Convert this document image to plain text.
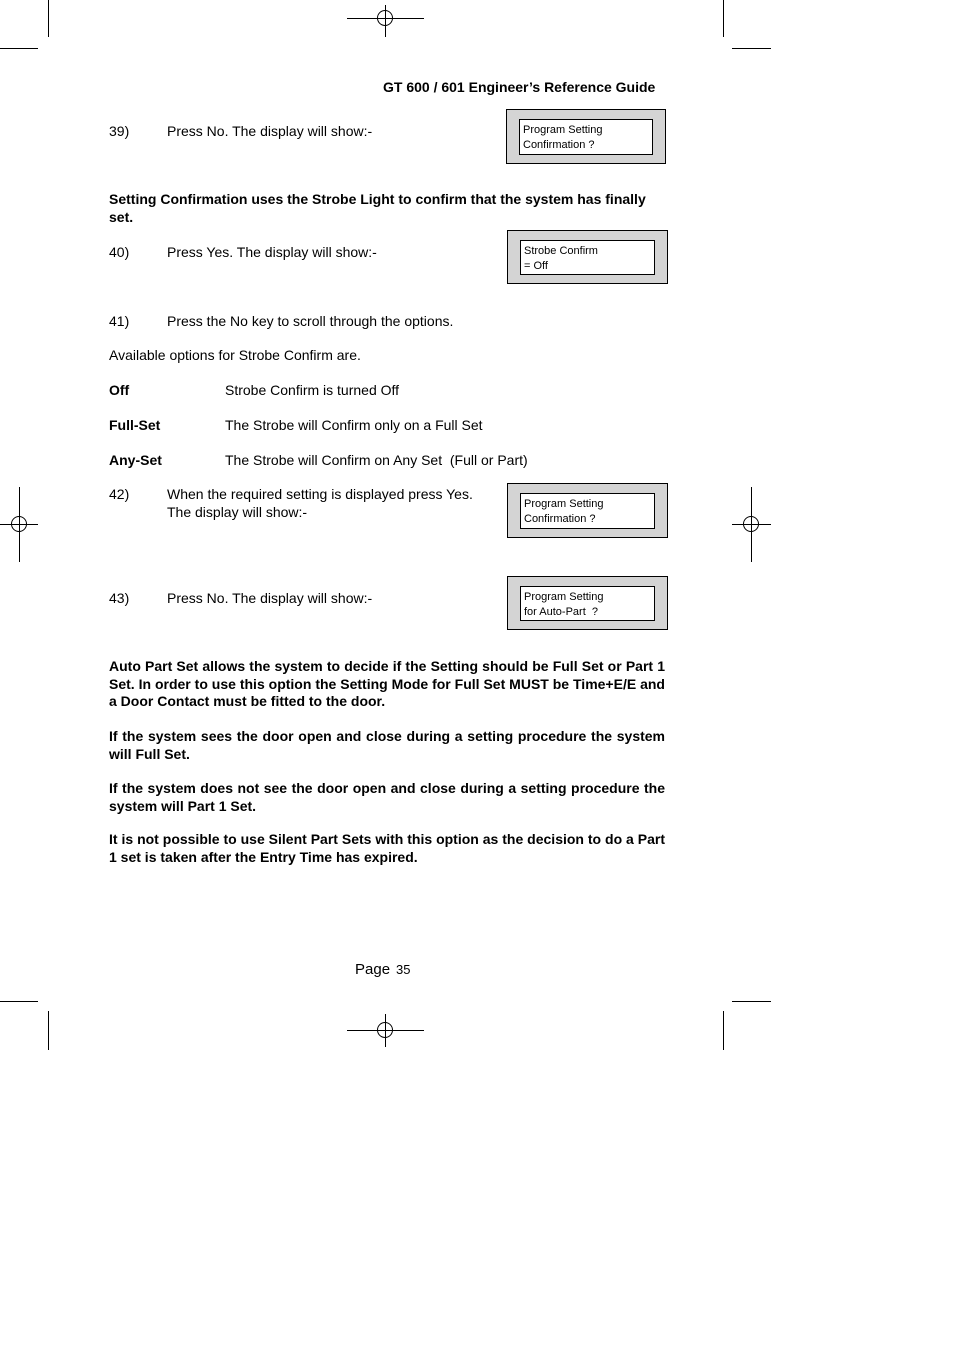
GT 600 / 601 Engineer’s Reference Guide
39)	Press No. The display will show:-	Program Setting
Confirmation ?
Setting Confirmation uses the Strobe Light to confirm that the system has finally set.
40)	Press Yes. The display will show:-	Strobe Confirm
= Off
41)	Press the No key to scroll through the options.
Available options for Strobe Confirm are.
Off	Strobe Confirm is turned Off
Full-Set	The Strobe will Confirm only on a Full Set
Any-Set	The Strobe will Confirm on Any Set  (Full or Part)
42)	When the required setting is displayed press Yes.
The display will show:-	Program Setting
Confirmation ?
43)	Press No. The display will show:-	Program Setting
for Auto-Part  ?
Auto Part Set allows the system to decide if the Setting should be Full Set or Part 1 Set. In order to use this option the Setting Mode for Full Set MUST be Time+E/E and a Door Contact must be fitted to the door.
If the system sees the door open and close during a setting procedure the system will Full Set.
If the system does not see the door open and close during a setting procedure the system will Part 1 Set.
It is not possible to use Silent Part Sets with this option as the decision to do a Part 1 set is taken after the Entry Time has expired.
Page 35
